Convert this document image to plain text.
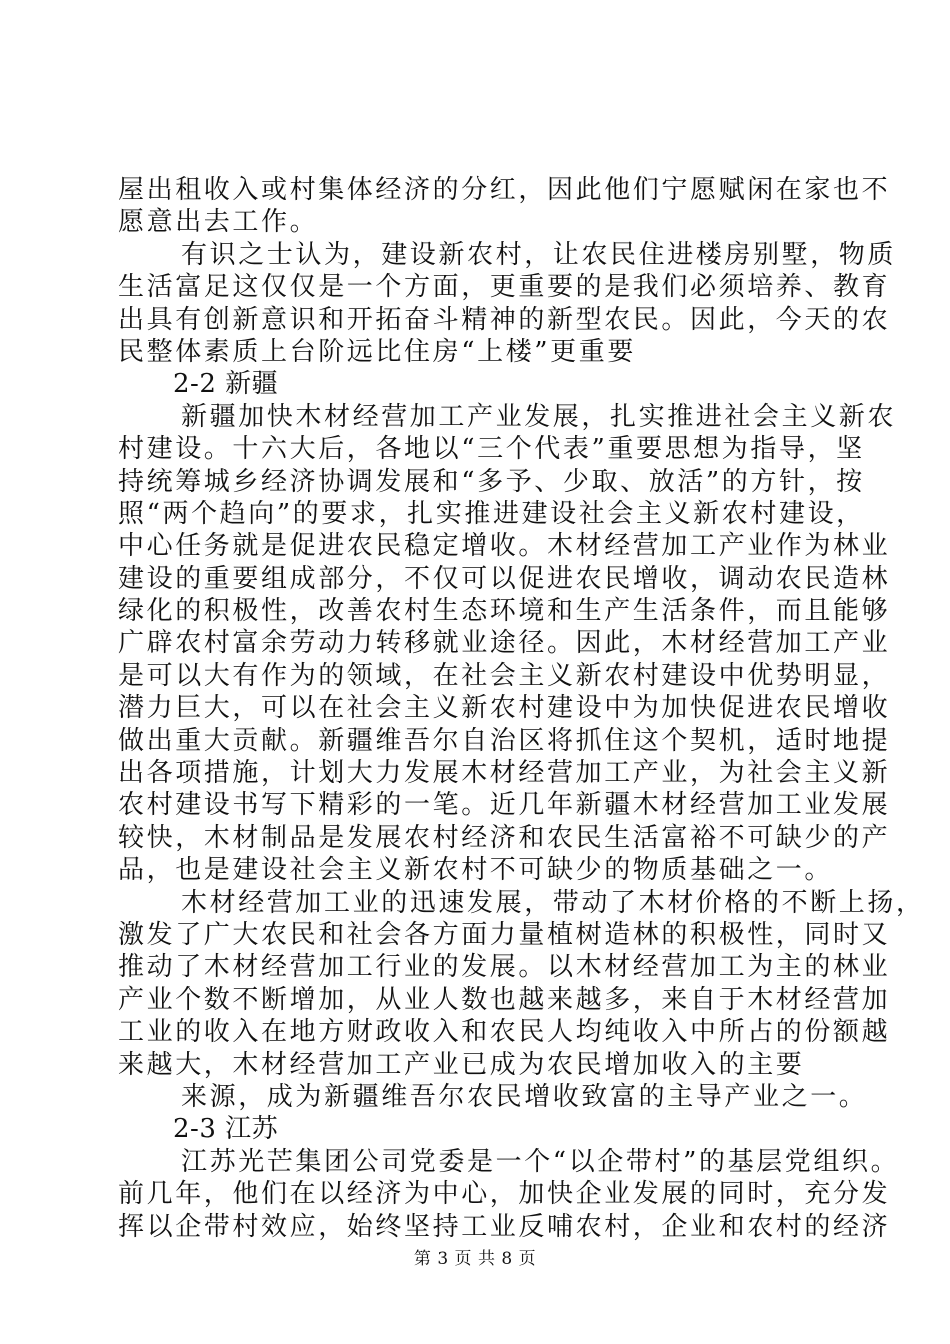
屋出租收入或村集体经济的分红，因此他们宁愿赋闲在家也不
愿意出去工作。
有识之士认为，建设新农村，让农民住进楼房别墅，物质
生活富足这仅仅是一个方面，更重要的是我们必须培养、教育
出具有创新意识和开拓奋斗精神的新型农民。因此，今天的农
民整体素质上台阶远比住房“上楼”更重要
2-2 新疆
新疆加快木材经营加工产业发展，扎实推进社会主义新农
村建设。十六大后，各地以“三个代表”重要思想为指导，坚
持统筹城乡经济协调发展和“多予、少取、放活”的方针，按
照“两个趋向”的要求，扎实推进建设社会主义新农村建设，
中心任务就是促进农民稳定增收。木材经营加工产业作为林业
建设的重要组成部分，不仅可以促进农民增收，调动农民造林
绿化的积极性，改善农村生态环境和生产生活条件，而且能够
广辟农村富余劳动力转移就业途径。因此，木材经营加工产业
是可以大有作为的领域，在社会主义新农村建设中优势明显，
潜力巨大，可以在社会主义新农村建设中为加快促进农民增收
做出重大贡献。新疆维吾尔自治区将抓住这个契机，适时地提
出各项措施，计划大力发展木材经营加工产业，为社会主义新
农村建设书写下精彩的一笔。近几年新疆木材经营加工业发展
较快，木材制品是发展农村经济和农民生活富裕不可缺少的产
品，也是建设社会主义新农村不可缺少的物质基础之一。
木材经营加工业的迅速发展，带动了木材价格的不断上扬，
激发了广大农民和社会各方面力量植树造林的积极性，同时又
推动了木材经营加工行业的发展。以木材经营加工为主的林业
产业个数不断增加，从业人数也越来越多，来自于木材经营加
工业的收入在地方财政收入和农民人均纯收入中所占的份额越
来越大，木材经营加工产业已成为农民增加收入的主要
来源，成为新疆维吾尔农民增收致富的主导产业之一。
2-3 江苏
江苏光芒集团公司党委是一个“以企带村”的基层党组织。
前几年，他们在以经济为中心，加快企业发展的同时，充分发
挥以企带村效应，始终坚持工业反哺农村，企业和农村的经济
第 3 页 共 8 页
